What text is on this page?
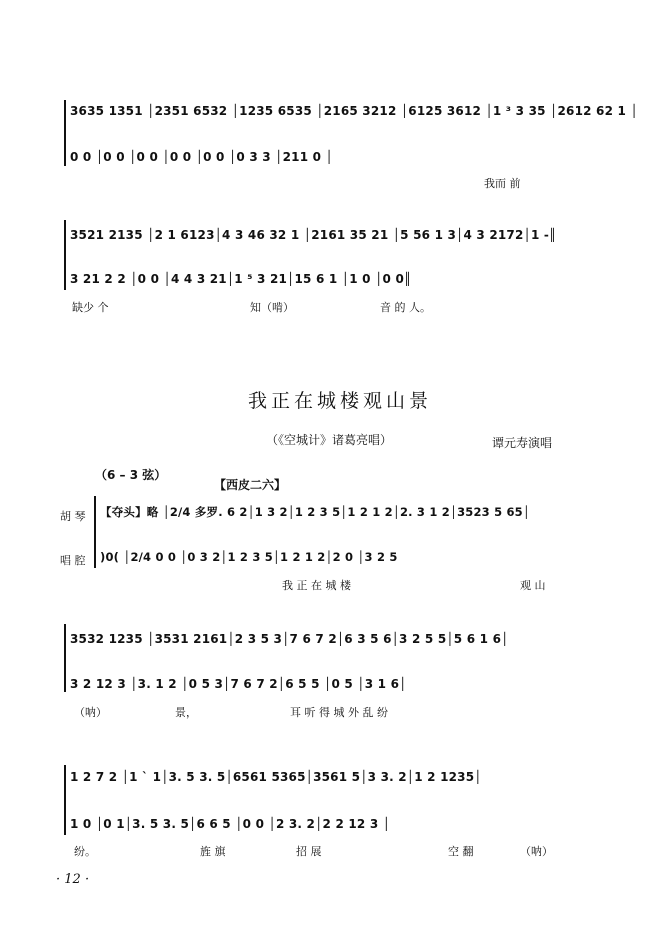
3635 1351 │2351 6532 │1235 6535 │2165 3212 │6125 3612 │1 ³ 3 35 │2612 62 1 │
0 0 │0 0 │0 0 │0 0 │0 0 │0 3 3 │211 0 │
我而 前
3521 2135 │2 1 6123│4 3 46 32 1 │2161 35 21 │5 56 1 3│4 3 2172│1 -║
3 21 2 2 │0 0 │4 4 3 21│1 ⁵ 3 21│15 6 1 │1 0 │0 0║
缺少 个	知（啃）	音 的 人。
我正在城楼观山景
（《空城计》诸葛亮唱）	谭元寿演唱
（6 – 3 弦）
【西皮二六】
胡 琴
唱 腔
【夺头】略 │2/4 多罗. 6 2│1 3 2│1 2 3 5│1 2 1 2│2. 3 1 2│3523 5 65│
)0( │2/4 0 0 │0 3 2│1 2 3 5│1 2 1 2│2 0 │3 2 5
我 正 在 城 楼	观 山
3532 1235 │3531 2161│2 3 5 3│7 6 7 2│6 3 5 6│3 2 5 5│5 6 1 6│
3 2 12 3 │3. 1 2 │0 5 3│7 6 7 2│6 5 5 │0 5 │3 1 6│
（呐）	景，	耳 听 得 城 外 乱 纷
1 2 7 2 │1 ˋ 1│3. 5 3. 5│6561 5365│3561 5│3 3. 2│1 2 1235│
1 0 │0 1│3. 5 3. 5│6 6 5 │0 0 │2 3. 2│2 2 12 3 │
纷。	旌 旗	招 展	空 翻	（呐）
· 12 ·
